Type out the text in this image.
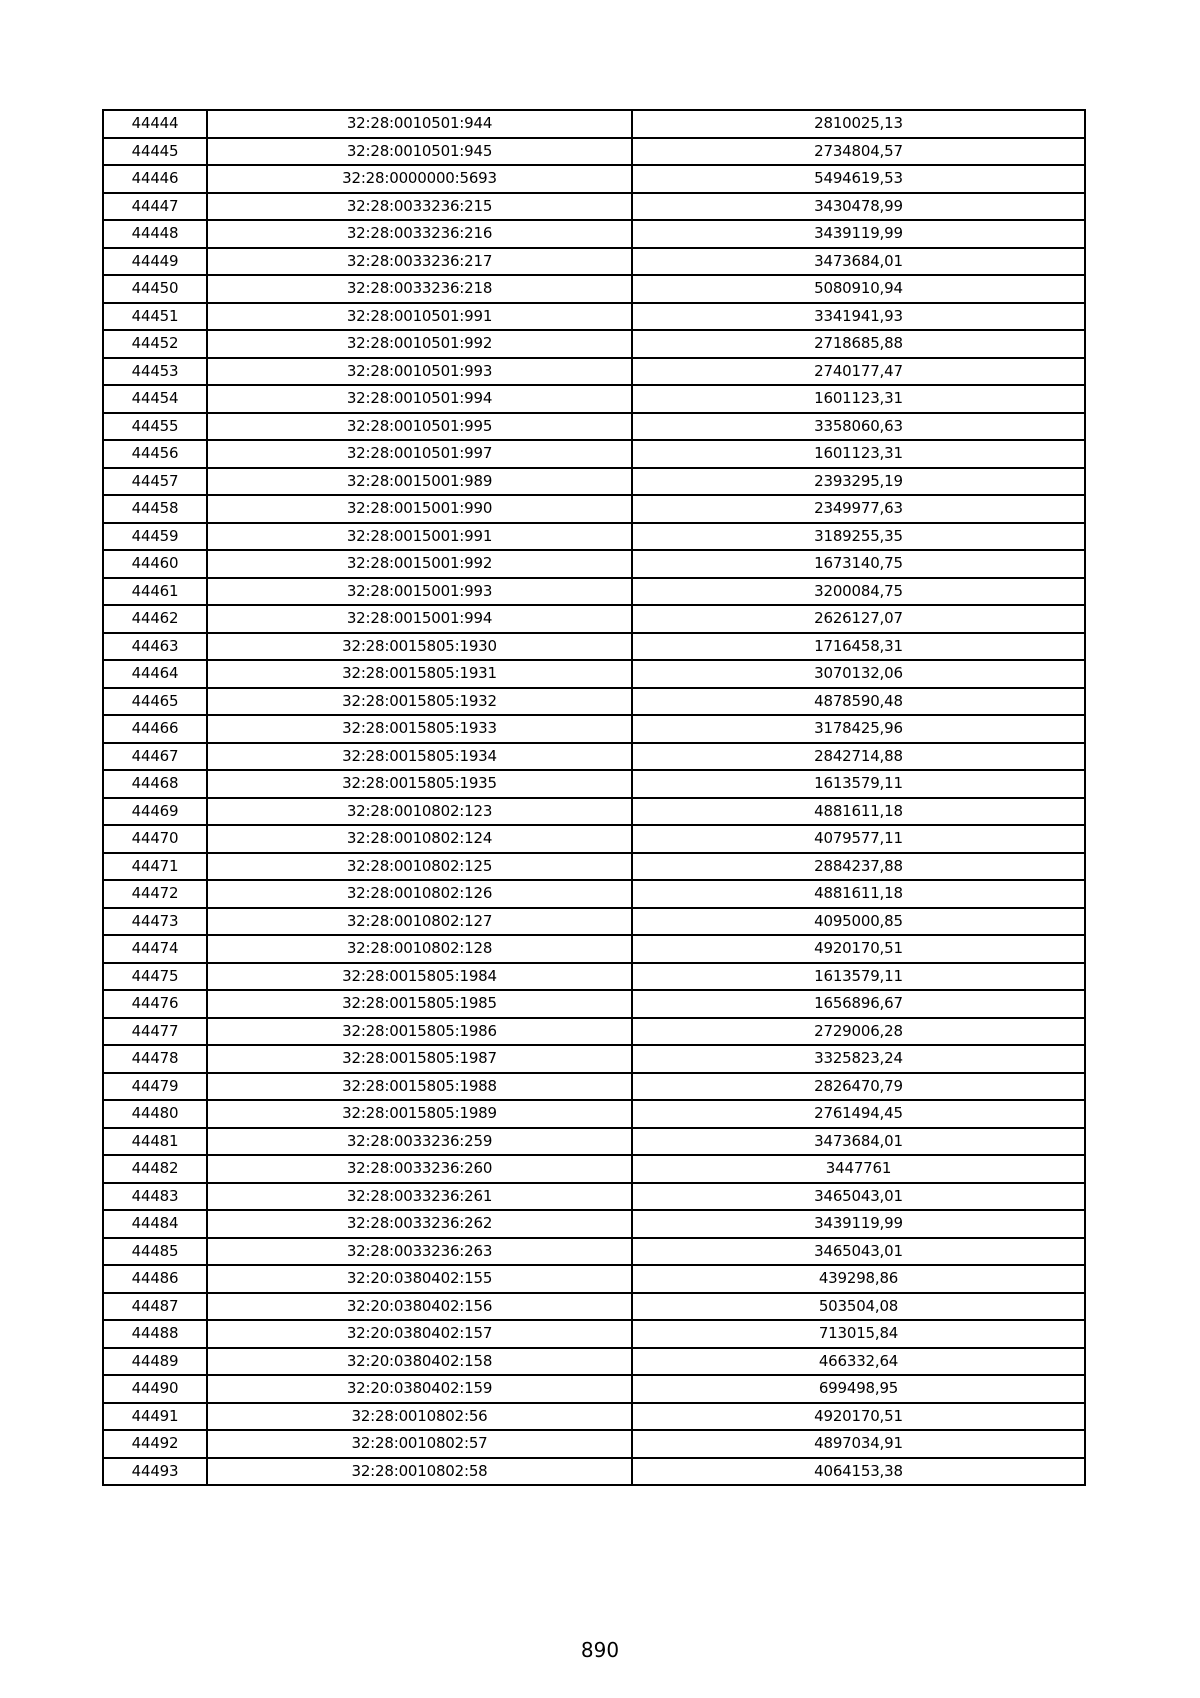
44444	32:28:0010501:944	2810025,13
44445	32:28:0010501:945	2734804,57
44446	32:28:0000000:5693	5494619,53
44447	32:28:0033236:215	3430478,99
44448	32:28:0033236:216	3439119,99
44449	32:28:0033236:217	3473684,01
44450	32:28:0033236:218	5080910,94
44451	32:28:0010501:991	3341941,93
44452	32:28:0010501:992	2718685,88
44453	32:28:0010501:993	2740177,47
44454	32:28:0010501:994	1601123,31
44455	32:28:0010501:995	3358060,63
44456	32:28:0010501:997	1601123,31
44457	32:28:0015001:989	2393295,19
44458	32:28:0015001:990	2349977,63
44459	32:28:0015001:991	3189255,35
44460	32:28:0015001:992	1673140,75
44461	32:28:0015001:993	3200084,75
44462	32:28:0015001:994	2626127,07
44463	32:28:0015805:1930	1716458,31
44464	32:28:0015805:1931	3070132,06
44465	32:28:0015805:1932	4878590,48
44466	32:28:0015805:1933	3178425,96
44467	32:28:0015805:1934	2842714,88
44468	32:28:0015805:1935	1613579,11
44469	32:28:0010802:123	4881611,18
44470	32:28:0010802:124	4079577,11
44471	32:28:0010802:125	2884237,88
44472	32:28:0010802:126	4881611,18
44473	32:28:0010802:127	4095000,85
44474	32:28:0010802:128	4920170,51
44475	32:28:0015805:1984	1613579,11
44476	32:28:0015805:1985	1656896,67
44477	32:28:0015805:1986	2729006,28
44478	32:28:0015805:1987	3325823,24
44479	32:28:0015805:1988	2826470,79
44480	32:28:0015805:1989	2761494,45
44481	32:28:0033236:259	3473684,01
44482	32:28:0033236:260	3447761
44483	32:28:0033236:261	3465043,01
44484	32:28:0033236:262	3439119,99
44485	32:28:0033236:263	3465043,01
44486	32:20:0380402:155	439298,86
44487	32:20:0380402:156	503504,08
44488	32:20:0380402:157	713015,84
44489	32:20:0380402:158	466332,64
44490	32:20:0380402:159	699498,95
44491	32:28:0010802:56	4920170,51
44492	32:28:0010802:57	4897034,91
44493	32:28:0010802:58	4064153,38
890
